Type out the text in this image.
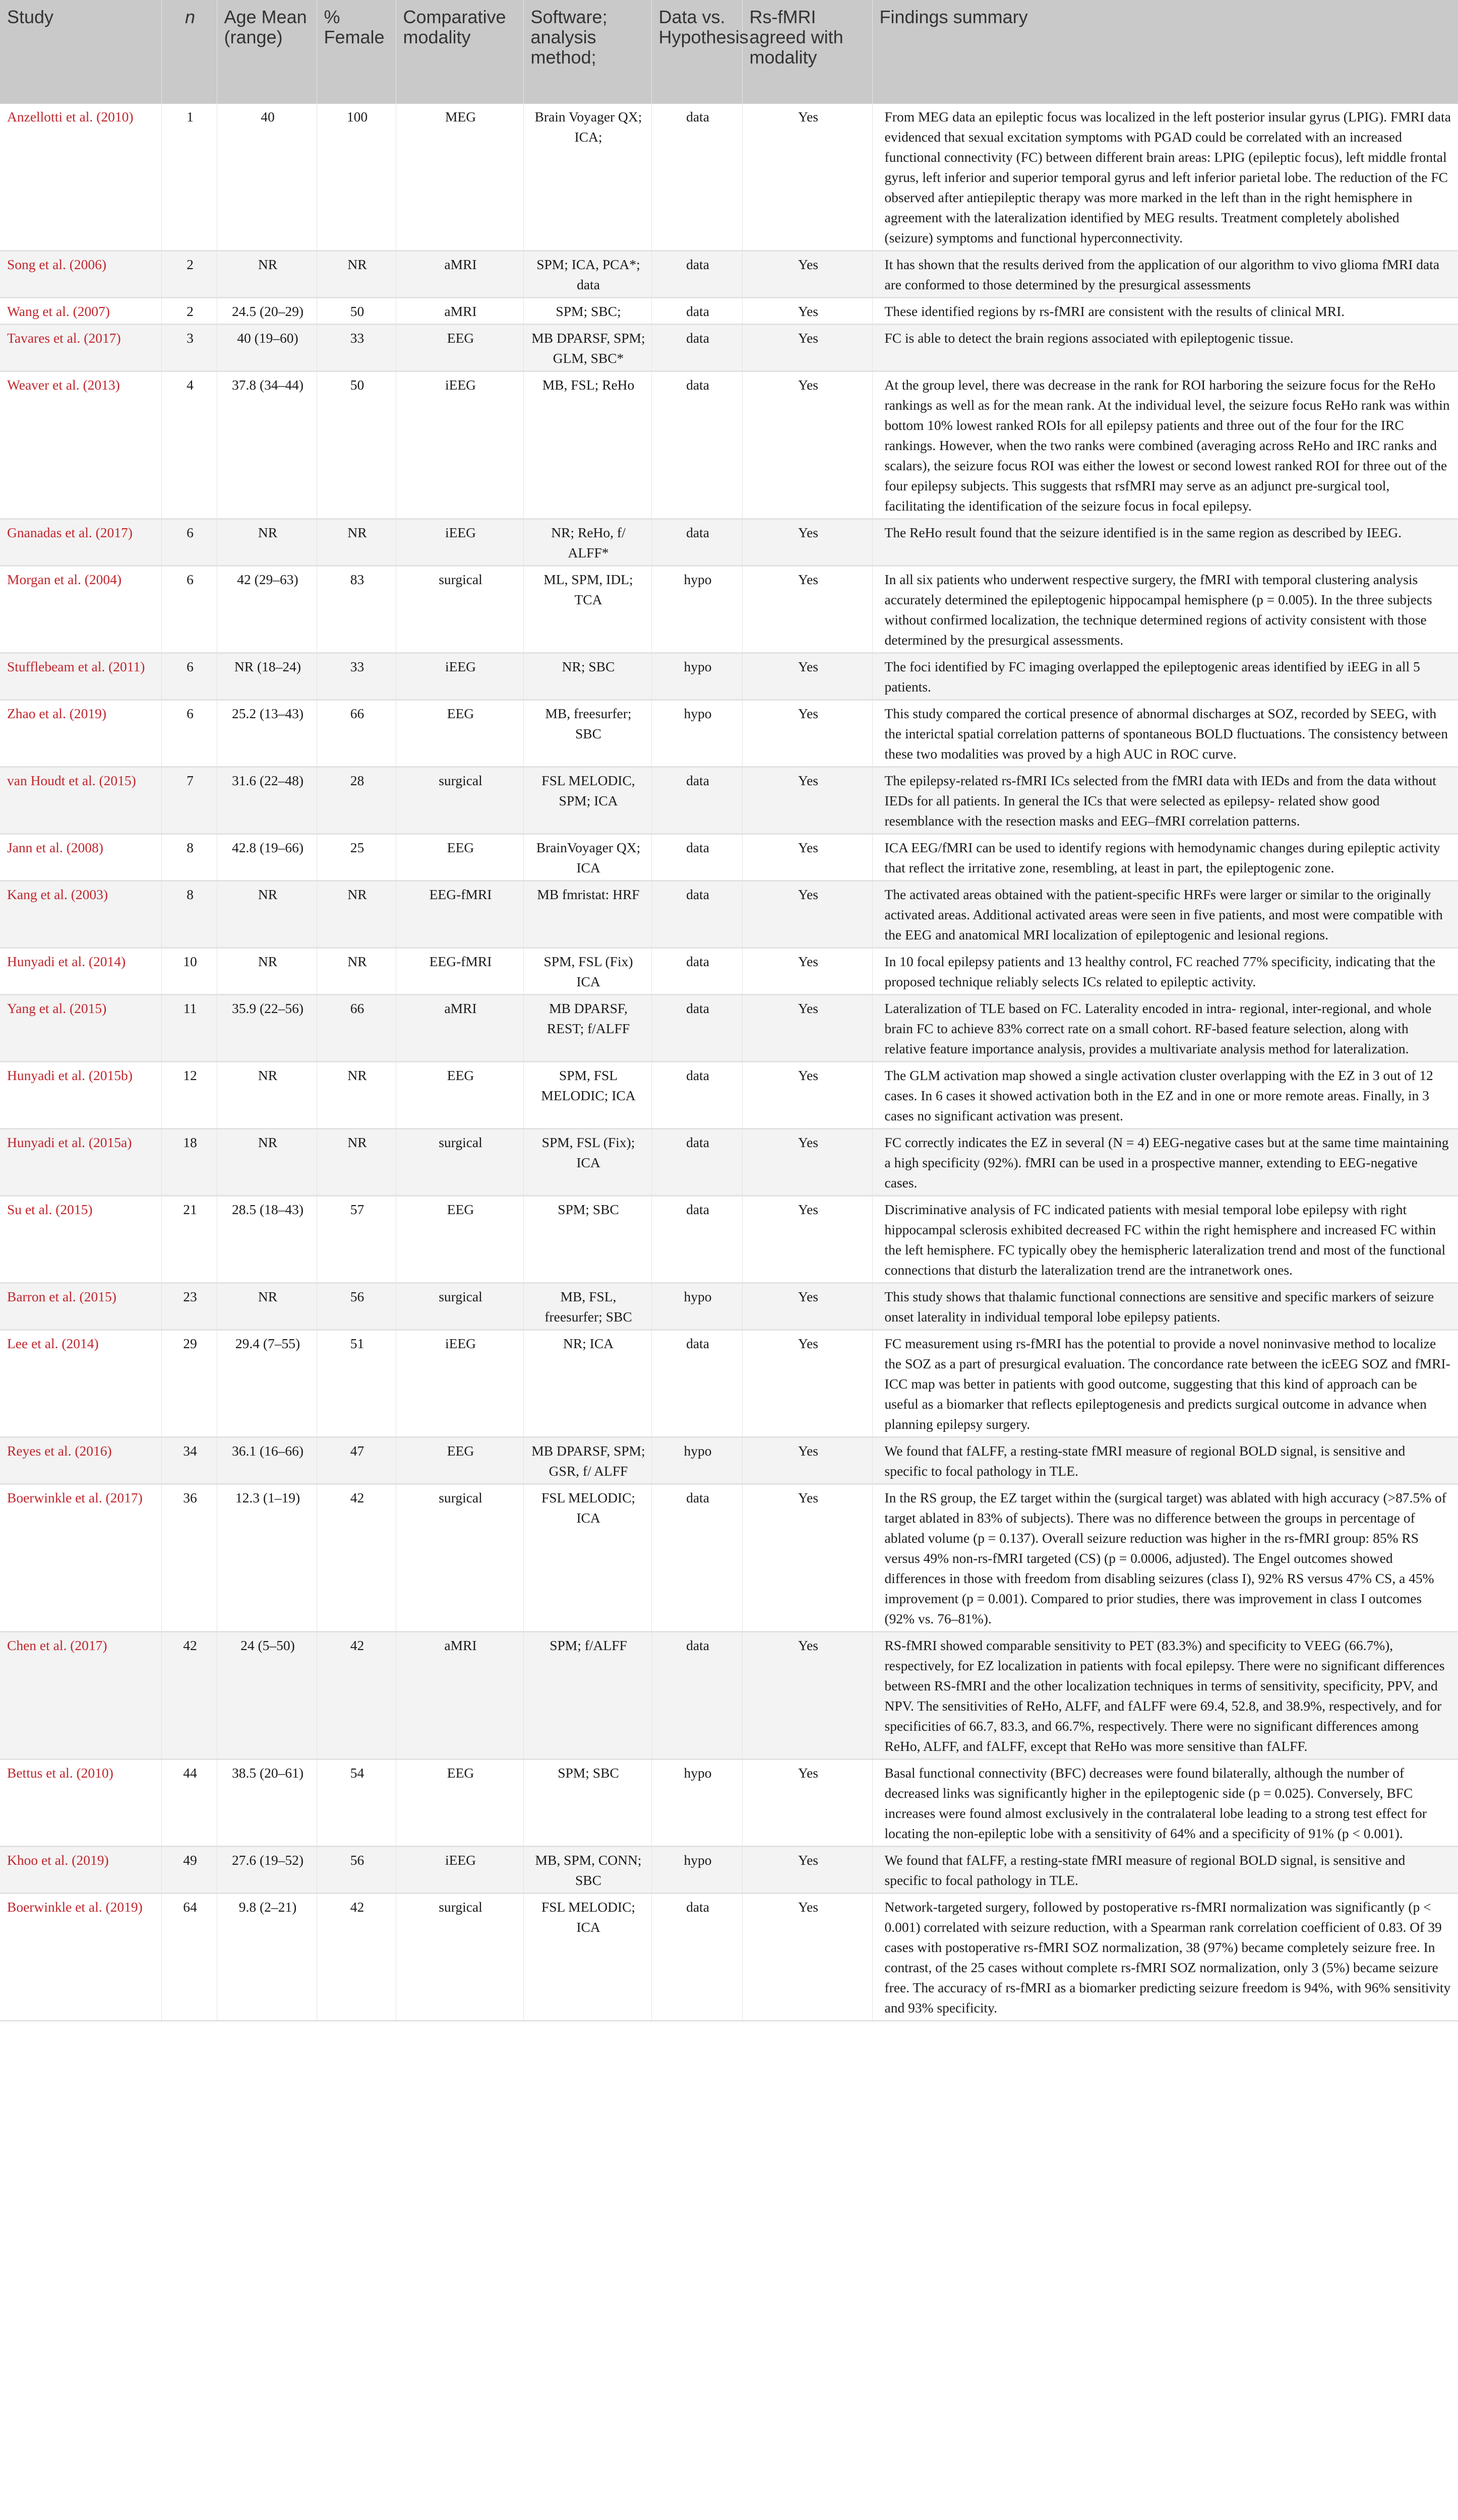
Study	n	Age Mean (range)	% Female	Comparative modality	Software; analysis method;	Data vs. Hypothesis	Rs-fMRI agreed with modality	Findings summary
Anzellotti et al. (2010)	1	40	100	MEG	Brain Voyager QX; ICA;	data	Yes	From MEG data an epileptic focus was localized in the left posterior insular gyrus (LPIG). FMRI data evidenced that sexual excitation symptoms with PGAD could be correlated with an increased functional connectivity (FC) between different brain areas: LPIG (epileptic focus), left middle frontal gyrus, left inferior and superior temporal gyrus and left inferior parietal lobe. The reduction of the FC observed after antiepileptic therapy was more marked in the left than in the right hemisphere in agreement with the lateralization identified by MEG results. Treatment completely abolished (seizure) symptoms and functional hyperconnectivity.
Song et al. (2006)	2	NR	NR	aMRI	SPM; ICA, PCA*; data	data	Yes	It has shown that the results derived from the application of our algorithm to vivo glioma fMRI data are conformed to those determined by the presurgical assessments
Wang et al. (2007)	2	24.5 (20–29)	50	aMRI	SPM; SBC;	data	Yes	These identified regions by rs-fMRI are consistent with the results of clinical MRI.
Tavares et al. (2017)	3	40 (19–60)	33	EEG	MB DPARSF, SPM; GLM, SBC*	data	Yes	FC is able to detect the brain regions associated with epileptogenic tissue.
Weaver et al. (2013)	4	37.8 (34–44)	50	iEEG	MB, FSL; ReHo	data	Yes	At the group level, there was decrease in the rank for ROI harboring the seizure focus for the ReHo rankings as well as for the mean rank. At the individual level, the seizure focus ReHo rank was within bottom 10% lowest ranked ROIs for all epilepsy patients and three out of the four for the IRC rankings. However, when the two ranks were combined (averaging across ReHo and IRC ranks and scalars), the seizure focus ROI was either the lowest or second lowest ranked ROI for three out of the four epilepsy subjects. This suggests that rsfMRI may serve as an adjunct pre-surgical tool, facilitating the identification of the seizure focus in focal epilepsy.
Gnanadas et al. (2017)	6	NR	NR	iEEG	NR; ReHo, f/ ALFF*	data	Yes	The ReHo result found that the seizure identified is in the same region as described by IEEG.
Morgan et al. (2004)	6	42 (29–63)	83	surgical	ML, SPM, IDL; TCA	hypo	Yes	In all six patients who underwent respective surgery, the fMRI with temporal clustering analysis accurately determined the epileptogenic hippocampal hemisphere (p = 0.005). In the three subjects without confirmed localization, the technique determined regions of activity consistent with those determined by the presurgical assessments.
Stufflebeam et al. (2011)	6	NR (18–24)	33	iEEG	NR; SBC	hypo	Yes	The foci identified by FC imaging overlapped the epileptogenic areas identified by iEEG in all 5 patients.
Zhao et al. (2019)	6	25.2 (13–43)	66	EEG	MB, freesurfer; SBC	hypo	Yes	This study compared the cortical presence of abnormal discharges at SOZ, recorded by SEEG, with the interictal spatial correlation patterns of spontaneous BOLD fluctuations. The consistency between these two modalities was proved by a high AUC in ROC curve.
van Houdt et al. (2015)	7	31.6 (22–48)	28	surgical	FSL MELODIC, SPM; ICA	data	Yes	The epilepsy-related rs-fMRI ICs selected from the fMRI data with IEDs and from the data without IEDs for all patients. In general the ICs that were selected as epilepsy- related show good resemblance with the resection masks and EEG–fMRI correlation patterns.
Jann et al. (2008)	8	42.8 (19–66)	25	EEG	BrainVoyager QX; ICA	data	Yes	ICA EEG/fMRI can be used to identify regions with hemodynamic changes during epileptic activity that reflect the irritative zone, resembling, at least in part, the epileptogenic zone.
Kang et al. (2003)	8	NR	NR	EEG-fMRI	MB fmristat: HRF	data	Yes	The activated areas obtained with the patient-specific HRFs were larger or similar to the originally activated areas. Additional activated areas were seen in five patients, and most were compatible with the EEG and anatomical MRI localization of epileptogenic and lesional regions.
Hunyadi et al. (2014)	10	NR	NR	EEG-fMRI	SPM, FSL (Fix) ICA	data	Yes	In 10 focal epilepsy patients and 13 healthy control, FC reached 77% specificity, indicating that the proposed technique reliably selects ICs related to epileptic activity.
Yang et al. (2015)	11	35.9 (22–56)	66	aMRI	MB DPARSF, REST; f/ALFF	data	Yes	Lateralization of TLE based on FC. Laterality encoded in intra- regional, inter-regional, and whole brain FC to achieve 83% correct rate on a small cohort. RF-based feature selection, along with relative feature importance analysis, provides a multivariate analysis method for lateralization.
Hunyadi et al. (2015b)	12	NR	NR	EEG	SPM, FSL MELODIC; ICA	data	Yes	The GLM activation map showed a single activation cluster overlapping with the EZ in 3 out of 12 cases. In 6 cases it showed activation both in the EZ and in one or more remote areas. Finally, in 3 cases no significant activation was present.
Hunyadi et al. (2015a)	18	NR	NR	surgical	SPM, FSL (Fix); ICA	data	Yes	FC correctly indicates the EZ in several (N = 4) EEG-negative cases but at the same time maintaining a high specificity (92%). fMRI can be used in a prospective manner, extending to EEG-negative cases.
Su et al. (2015)	21	28.5 (18–43)	57	EEG	SPM; SBC	data	Yes	Discriminative analysis of FC indicated patients with mesial temporal lobe epilepsy with right hippocampal sclerosis exhibited decreased FC within the right hemisphere and increased FC within the left hemisphere. FC typically obey the hemispheric lateralization trend and most of the functional connections that disturb the lateralization trend are the intranetwork ones.
Barron et al. (2015)	23	NR	56	surgical	MB, FSL, freesurfer; SBC	hypo	Yes	This study shows that thalamic functional connections are sensitive and specific markers of seizure onset laterality in individual temporal lobe epilepsy patients.
Lee et al. (2014)	29	29.4 (7–55)	51	iEEG	NR; ICA	data	Yes	FC measurement using rs-fMRI has the potential to provide a novel noninvasive method to localize the SOZ as a part of presurgical evaluation. The concordance rate between the icEEG SOZ and fMRI-ICC map was better in patients with good outcome, suggesting that this kind of approach can be useful as a biomarker that reflects epileptogenesis and predicts surgical outcome in advance when planning epilepsy surgery.
Reyes et al. (2016)	34	36.1 (16–66)	47	EEG	MB DPARSF, SPM; GSR, f/ ALFF	hypo	Yes	We found that fALFF, a resting-state fMRI measure of regional BOLD signal, is sensitive and specific to focal pathology in TLE.
Boerwinkle et al. (2017)	36	12.3 (1–19)	42	surgical	FSL MELODIC; ICA	data	Yes	In the RS group, the EZ target within the (surgical target) was ablated with high accuracy (>87.5% of target ablated in 83% of subjects). There was no difference between the groups in percentage of ablated volume (p = 0.137). Overall seizure reduction was higher in the rs-fMRI group: 85% RS versus 49% non-rs-fMRI targeted (CS) (p = 0.0006, adjusted). The Engel outcomes showed differences in those with freedom from disabling seizures (class I), 92% RS versus 47% CS, a 45% improvement (p = 0.001). Compared to prior studies, there was improvement in class I outcomes (92% vs. 76–81%).
Chen et al. (2017)	42	24 (5–50)	42	aMRI	SPM; f/ALFF	data	Yes	RS-fMRI showed comparable sensitivity to PET (83.3%) and specificity to VEEG (66.7%), respectively, for EZ localization in patients with focal epilepsy. There were no significant differences between RS-fMRI and the other localization techniques in terms of sensitivity, specificity, PPV, and NPV. The sensitivities of ReHo, ALFF, and fALFF were 69.4, 52.8, and 38.9%, respectively, and for specificities of 66.7, 83.3, and 66.7%, respectively. There were no significant differences among ReHo, ALFF, and fALFF, except that ReHo was more sensitive than fALFF.
Bettus et al. (2010)	44	38.5 (20–61)	54	EEG	SPM; SBC	hypo	Yes	Basal functional connectivity (BFC) decreases were found bilaterally, although the number of decreased links was significantly higher in the epileptogenic side (p = 0.025). Conversely, BFC increases were found almost exclusively in the contralateral lobe leading to a strong test effect for locating the non-epileptic lobe with a sensitivity of 64% and a specificity of 91% (p < 0.001).
Khoo et al. (2019)	49	27.6 (19–52)	56	iEEG	MB, SPM, CONN; SBC	hypo	Yes	We found that fALFF, a resting-state fMRI measure of regional BOLD signal, is sensitive and specific to focal pathology in TLE.
Boerwinkle et al. (2019)	64	9.8 (2–21)	42	surgical	FSL MELODIC; ICA	data	Yes	Network-targeted surgery, followed by postoperative rs-fMRI normalization was significantly (p < 0.001) correlated with seizure reduction, with a Spearman rank correlation coefficient of 0.83. Of 39 cases with postoperative rs-fMRI SOZ normalization, 38 (97%) became completely seizure free. In contrast, of the 25 cases without complete rs-fMRI SOZ normalization, only 3 (5%) became seizure free. The accuracy of rs-fMRI as a biomarker predicting seizure freedom is 94%, with 96% sensitivity and 93% specificity.
